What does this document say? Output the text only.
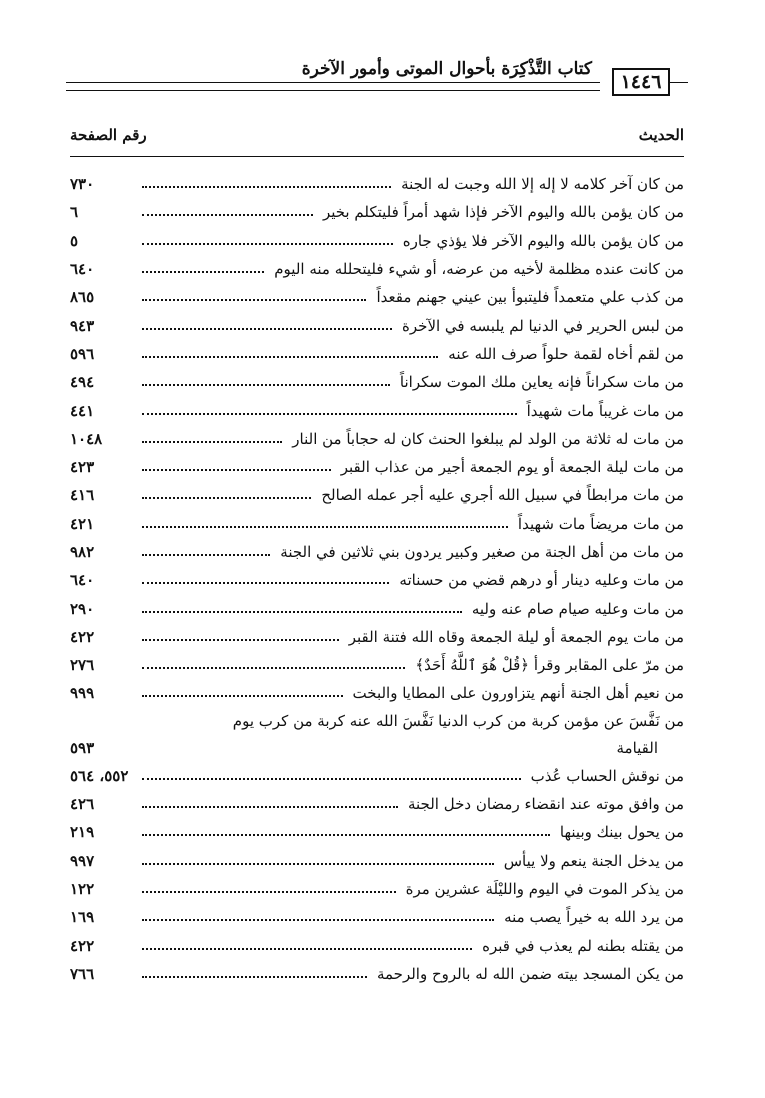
كتاب التَّذْكِرَة بأحوال الموتى وأمور الآخرة
١٤٤٦
الحديث
رقم الصفحة
من كان آخر كلامه لا إله إلا الله وجبت له الجنة
٧٣٠
من كان يؤمن بالله واليوم الآخر فإذا شهد أمراً فليتكلم بخير
٦
من كان يؤمن بالله واليوم الآخر فلا يؤذي جاره
٥
من كانت عنده مظلمة لأخيه من عرضه، أو شيء فليتحلله منه اليوم
٦٤٠
من كذب علي متعمداً فليتبوأ بين عيني جهنم مقعداً
٨٦٥
من لبس الحرير في الدنيا لم يلبسه في الآخرة
٩٤٣
من لقم أخاه لقمة حلواً صرف الله عنه
٥٩٦
من مات سكراناً فإنه يعاين ملك الموت سكراناً
٤٩٤
من مات غريباً مات شهيداً
٤٤١
من مات له ثلاثة من الولد لم يبلغوا الحنث كان له حجاباً من النار
١٠٤٨
من مات ليلة الجمعة أو يوم الجمعة أجير من عذاب القبر
٤٢٣
من مات مرابطاً في سبيل الله أجري عليه أجر عمله الصالح
٤١٦
من مات مريضاً مات شهيداً
٤٢١
من مات من أهل الجنة من صغير وكبير يردون بني ثلاثين في الجنة
٩٨٢
من مات وعليه دينار أو درهم قضي من حسناته
٦٤٠
من مات وعليه صيام صام عنه وليه
٢٩٠
من مات يوم الجمعة أو ليلة الجمعة وقاه الله فتنة القبر
٤٢٢
من مرّ على المقابر وقرأ ﴿قُلْ هُوَ ٱللَّهُ أَحَدٌ﴾
٢٧٦
من نعيم أهل الجنة أنهم يتزاورون على المطايا والبخت
٩٩٩
من نَفَّسَ عن مؤمن كربة من كرب الدنيا نَفَّسَ الله عنه كربة من كرب يوم
القيامة
٥٩٣
من نوقش الحساب عُذب
٥٥٢، ٥٦٤
من وافق موته عند انقضاء رمضان دخل الجنة
٤٢٦
من يحول بينك وبينها
٢١٩
من يدخل الجنة ينعم ولا ييأس
٩٩٧
من يذكر الموت في اليوم والليْلَة عشرين مرة
١٢٢
من يرد الله به خيراً يصب منه
١٦٩
من يقتله بطنه لم يعذب في قبره
٤٢٢
من يكن المسجد بيته ضمن الله له بالروح والرحمة
٧٦٦
